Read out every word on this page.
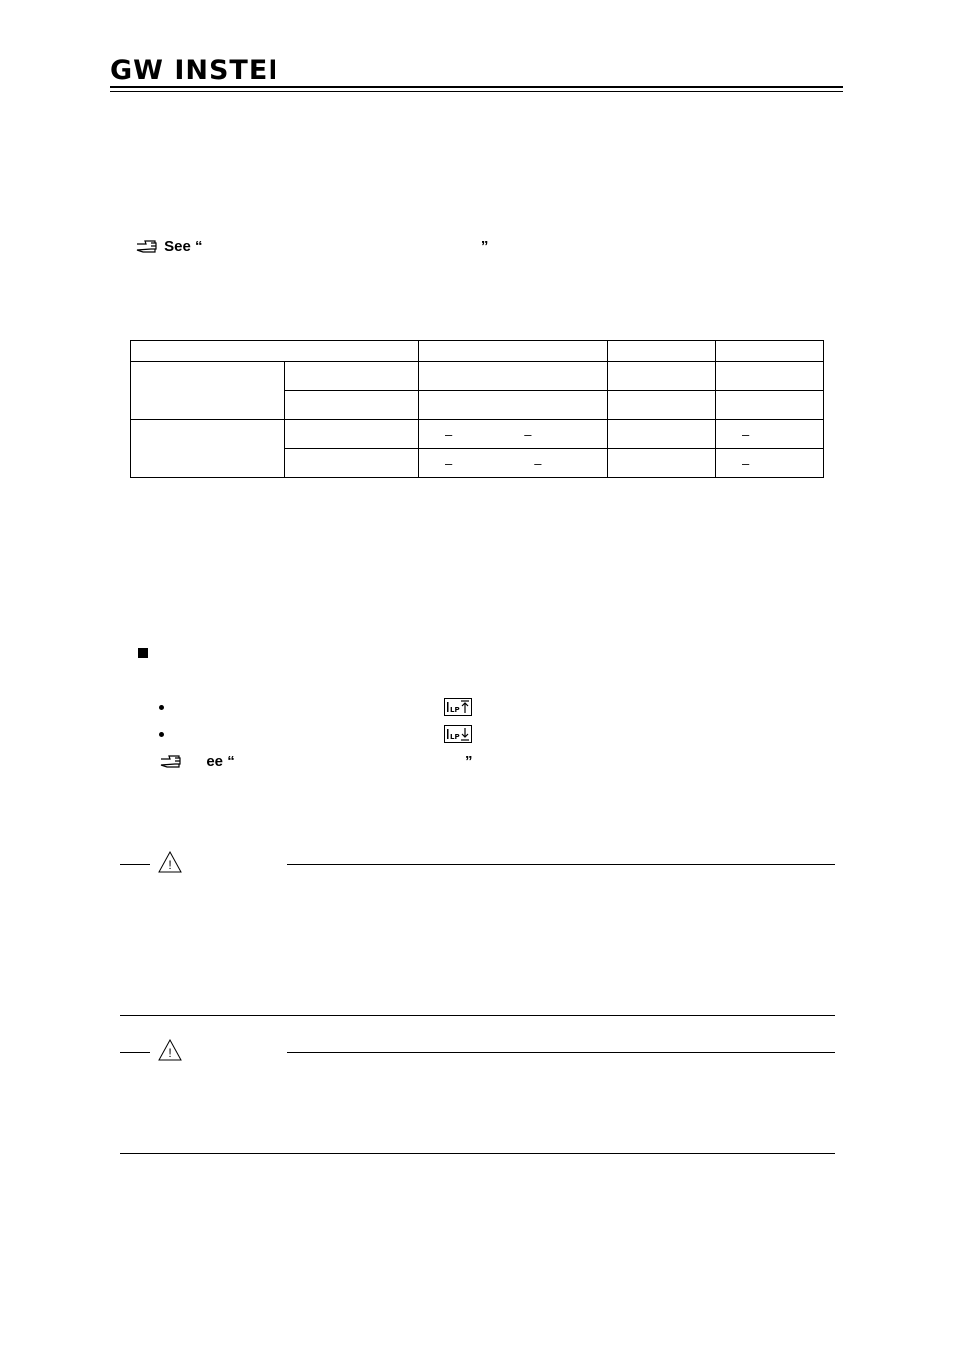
GW INSTEK
See “	”

		– –		–
		– –		–
LP
LP
ee “	”
!
!
